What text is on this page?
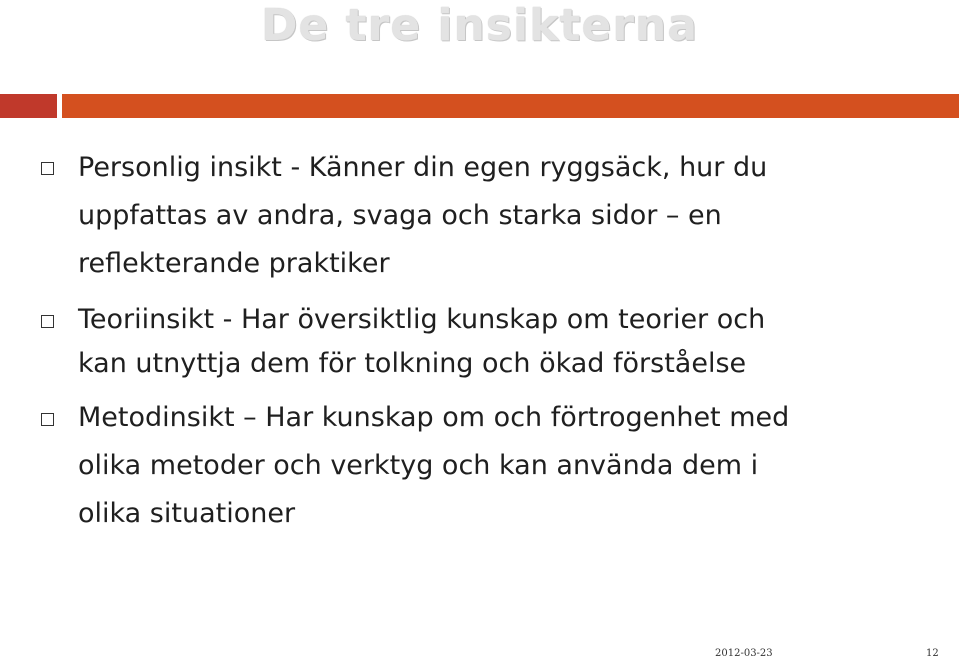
De tre insikterna

Personlig insikt - Känner din egen ryggsäck, hur du

uppfattas av andra, svaga och starka sidor – en

reflekterande praktiker

Teoriinsikt - Har översiktlig kunskap om teorier och

kan utnyttja dem för tolkning och ökad förståelse

Metodinsikt – Har kunskap om och förtrogenhet med

olika metoder och verktyg och kan använda dem i

olika situationer

2012-03-23	12
